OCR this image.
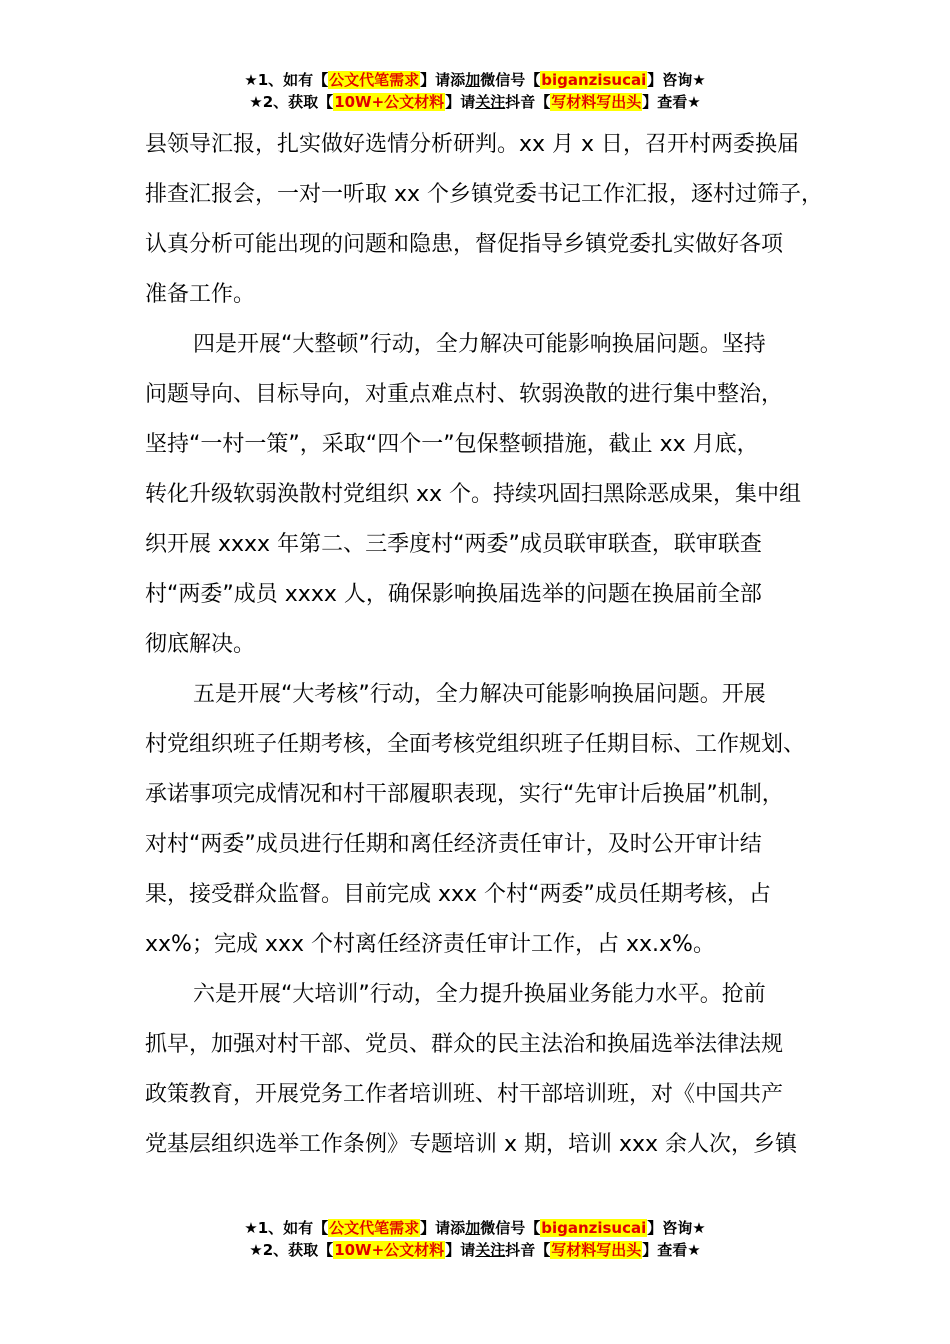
★1、如有【公文代笔需求】请添加微信号【biganzisucai】咨询★
★2、获取【10W+公文材料】请关注抖音【写材料写出头】查看★
县领导汇报，扎实做好选情分析研判。xx 月 x 日，召开村两委换届
排查汇报会，一对一听取 xx 个乡镇党委书记工作汇报，逐村过筛子，
认真分析可能出现的问题和隐患，督促指导乡镇党委扎实做好各项
准备工作。
四是开展“大整顿”行动，全力解决可能影响换届问题。坚持
问题导向、目标导向，对重点难点村、软弱涣散的进行集中整治，
坚持“一村一策”，采取“四个一”包保整顿措施，截止 xx 月底，
转化升级软弱涣散村党组织 xx 个。持续巩固扫黑除恶成果，集中组
织开展 xxxx 年第二、三季度村“两委”成员联审联查，联审联查
村“两委”成员 xxxx 人，确保影响换届选举的问题在换届前全部
彻底解决。
五是开展“大考核”行动，全力解决可能影响换届问题。开展
村党组织班子任期考核，全面考核党组织班子任期目标、工作规划、
承诺事项完成情况和村干部履职表现，实行“先审计后换届”机制，
对村“两委”成员进行任期和离任经济责任审计，及时公开审计结
果，接受群众监督。目前完成 xxx 个村“两委”成员任期考核，占
xx%；完成 xxx 个村离任经济责任审计工作，占 xx.x%。
六是开展“大培训”行动，全力提升换届业务能力水平。抢前
抓早，加强对村干部、党员、群众的民主法治和换届选举法律法规
政策教育，开展党务工作者培训班、村干部培训班，对《中国共产
党基层组织选举工作条例》专题培训 x 期，培训 xxx 余人次，乡镇
★1、如有【公文代笔需求】请添加微信号【biganzisucai】咨询★
★2、获取【10W+公文材料】请关注抖音【写材料写出头】查看★
